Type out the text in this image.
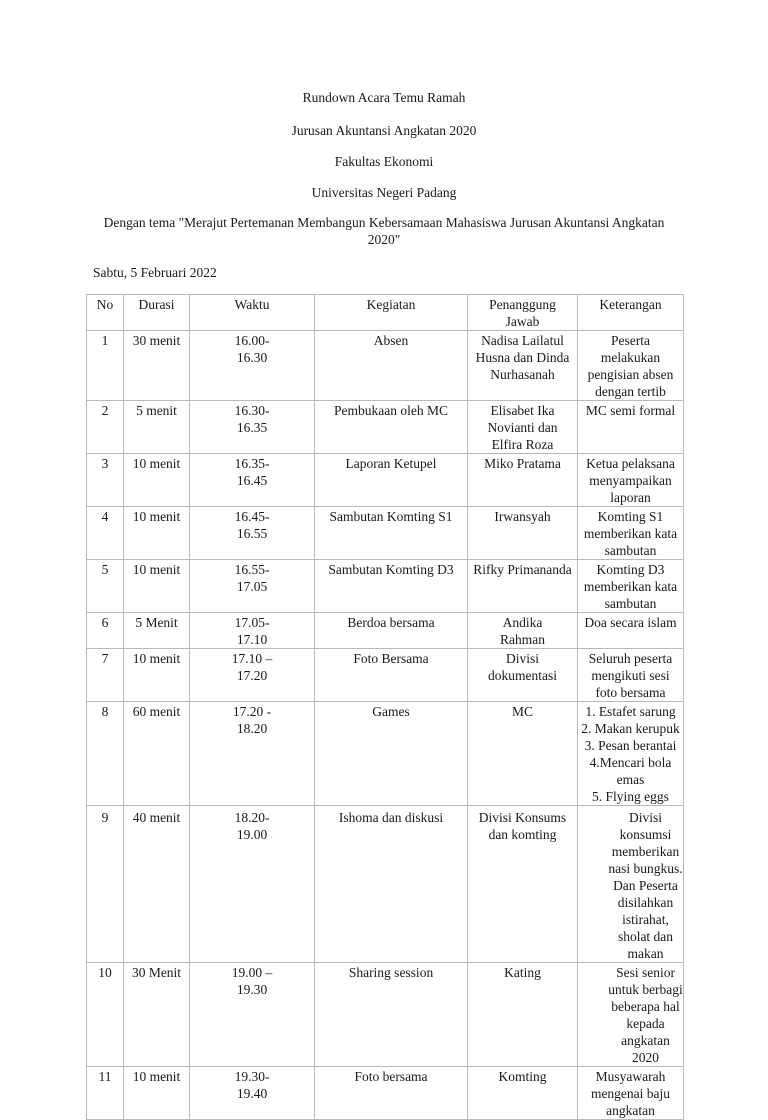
Rundown Acara Temu Ramah
Jurusan Akuntansi Angkatan 2020
Fakultas Ekonomi
Universitas Negeri Padang
Dengan tema "Merajut Pertemanan Membangun Kebersamaan Mahasiswa Jurusan Akuntansi Angkatan 2020"
Sabtu, 5 Februari 2022
No	Durasi	Waktu	Kegiatan	Penanggung Jawab	Keterangan
1	30 menit	16.00-16.30	Absen	Nadisa Lailatul Husna dan Dinda Nurhasanah	Peserta melakukan pengisian absen dengan tertib
2	5 menit	16.30-16.35	Pembukaan oleh MC	Elisabet Ika Novianti dan Elfira Roza	MC semi formal
3	10 menit	16.35-16.45	Laporan Ketupel	Miko Pratama	Ketua pelaksana menyampaikan laporan
4	10 menit	16.45-16.55	Sambutan Komting S1	Irwansyah	Komting S1 memberikan kata sambutan
5	10 menit	16.55-17.05	Sambutan Komting D3	Rifky Primananda	Komting D3 memberikan kata sambutan
6	5 Menit	17.05-17.10	Berdoa bersama	Andika Rahman	Doa secara islam
7	10 menit	17.10 – 17.20	Foto Bersama	Divisi dokumentasi	Seluruh peserta mengikuti sesi foto bersama
8	60 menit	17.20 - 18.20	Games	MC	1. Estafet sarung
2. Makan kerupuk
3. Pesan berantai
4.Mencari bola emas
5. Flying eggs
9	40 menit	18.20-19.00	Ishoma dan diskusi	Divisi Konsums dan komting	Divisi konsumsi memberikan nasi bungkus. Dan Peserta disilahkan istirahat, sholat dan makan
10	30 Menit	19.00 – 19.30	Sharing session	Kating	Sesi senior untuk berbagi beberapa hal kepada angkatan 2020
11	10 menit	19.30-19.40	Foto bersama	Komting	Musyawarah mengenai baju angkatan
